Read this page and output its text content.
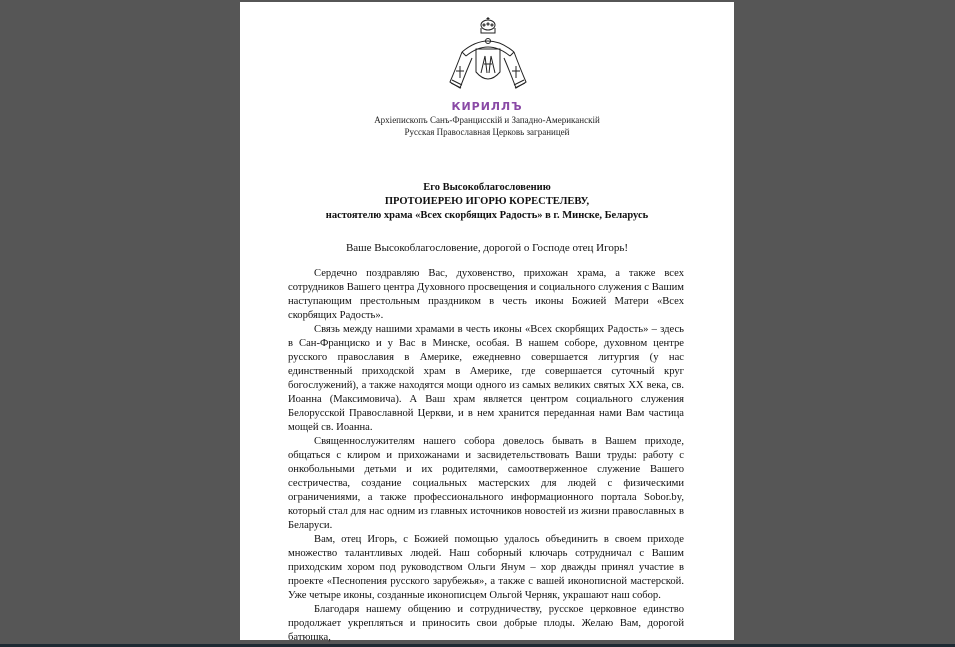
КИРИЛЛЪ
Архіепископъ Санъ-Францисскій и Западно-Американскій
Русская Православная Церковь заграницей
Его Высокоблагословению
ПРОТОИЕРЕЮ ИГОРЮ КОРЕСТЕЛЕВУ,
настоятелю храма «Всех скорбящих Радость» в г. Минске, Беларусь
Ваше Высокоблагословение, дорогой о Господе отец Игорь!

Сердечно поздравляю Вас, духовенство, прихожан храма, а также всех сотрудников Вашего центра Духовного просвещения и социального служения с Вашим наступающим престольным праздником в честь иконы Божией Матери «Всех скорбящих Радость».

Связь между нашими храмами в честь иконы «Всех скорбящих Радость» – здесь в Сан-Франциско и у Вас в Минске, особая. В нашем соборе, духовном центре русского православия в Америке, ежедневно совершается литургия (у нас единственный приходской храм в Америке, где совершается суточный круг богослужений), а также находятся мощи одного из самых великих святых XX века, св. Иоанна (Максимовича). А Ваш храм является центром социального служения Белорусской Православной Церкви, и в нем хранится переданная нами Вам частица мощей св. Иоанна.

Священнослужителям нашего собора довелось бывать в Вашем приходе, общаться с клиром и прихожанами и засвидетельствовать Ваши труды: работу с онкобольными детьми и их родителями, самоотверженное служение Вашего сестричества, создание социальных мастерских для людей с физическими ограничениями, а также профессионального информационного портала Sobor.by, который стал для нас одним из главных источников новостей из жизни православных в Беларуси.

Вам, отец Игорь, с Божией помощью удалось объединить в своем приходе множество талантливых людей. Наш соборный ключарь сотрудничал с Вашим приходским хором под руководством Ольги Янум – хор дважды принял участие в проекте «Песнопения русского зарубежья», а также с вашей иконописной мастерской. Уже четыре иконы, созданные иконописцем Ольгой Черняк, украшают наш собор.

Благодаря нашему общению и сотрудничеству, русское церковное единство продолжает укрепляться и приносить свои добрые плоды. Желаю Вам, дорогой батюшка,
